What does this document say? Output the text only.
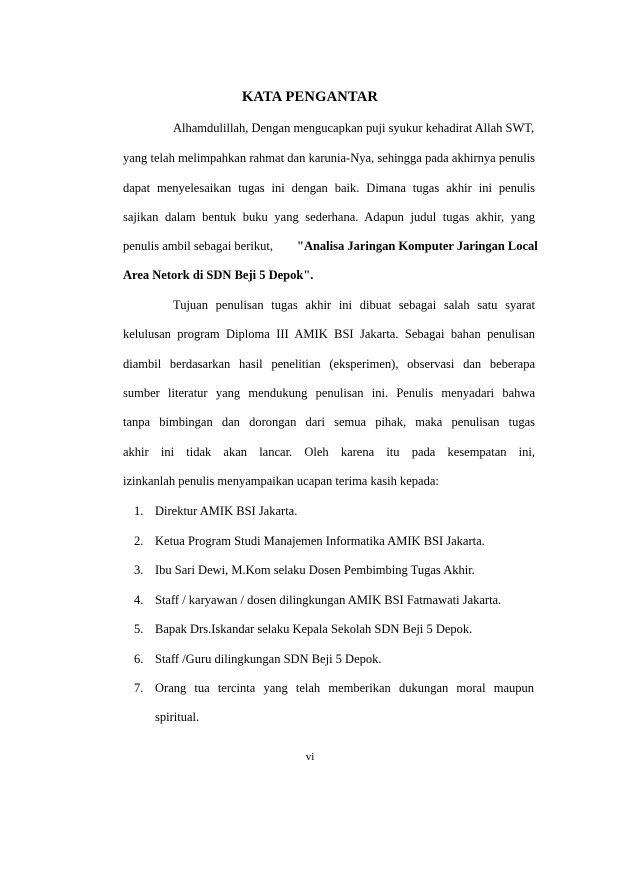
KATA PENGANTAR
Alhamdulillah, Dengan mengucapkan puji syukur kehadirat Allah SWT,
yang telah melimpahkan rahmat dan karunia-Nya, sehingga pada akhirnya penulis
dapat menyelesaikan tugas ini dengan baik. Dimana tugas akhir ini penulis
sajikan dalam bentuk buku yang sederhana. Adapun judul tugas akhir, yang
penulis ambil sebagai berikut, "Analisa Jaringan Komputer Jaringan Local
Area Netork di SDN Beji 5 Depok".
Tujuan penulisan tugas akhir ini dibuat sebagai salah satu syarat
kelulusan program Diploma III AMIK BSI Jakarta. Sebagai bahan penulisan
diambil berdasarkan hasil penelitian (eksperimen), observasi dan beberapa
sumber literatur yang mendukung penulisan ini. Penulis menyadari bahwa
tanpa bimbingan dan dorongan dari semua pihak, maka penulisan tugas
akhir ini tidak akan lancar. Oleh karena itu pada kesempatan ini,
izinkanlah penulis menyampaikan ucapan terima kasih kepada:
1. Direktur AMIK BSI Jakarta.
2. Ketua Program Studi Manajemen Informatika AMIK BSI Jakarta.
3. Ibu Sari Dewi, M.Kom selaku Dosen Pembimbing Tugas Akhir.
4. Staff / karyawan / dosen dilingkungan AMIK BSI Fatmawati Jakarta.
5. Bapak Drs.Iskandar selaku Kepala Sekolah SDN Beji 5 Depok.
6. Staff /Guru dilingkungan SDN Beji 5 Depok.
7. Orang tua tercinta yang telah memberikan dukungan moral maupun
spiritual.
vi
